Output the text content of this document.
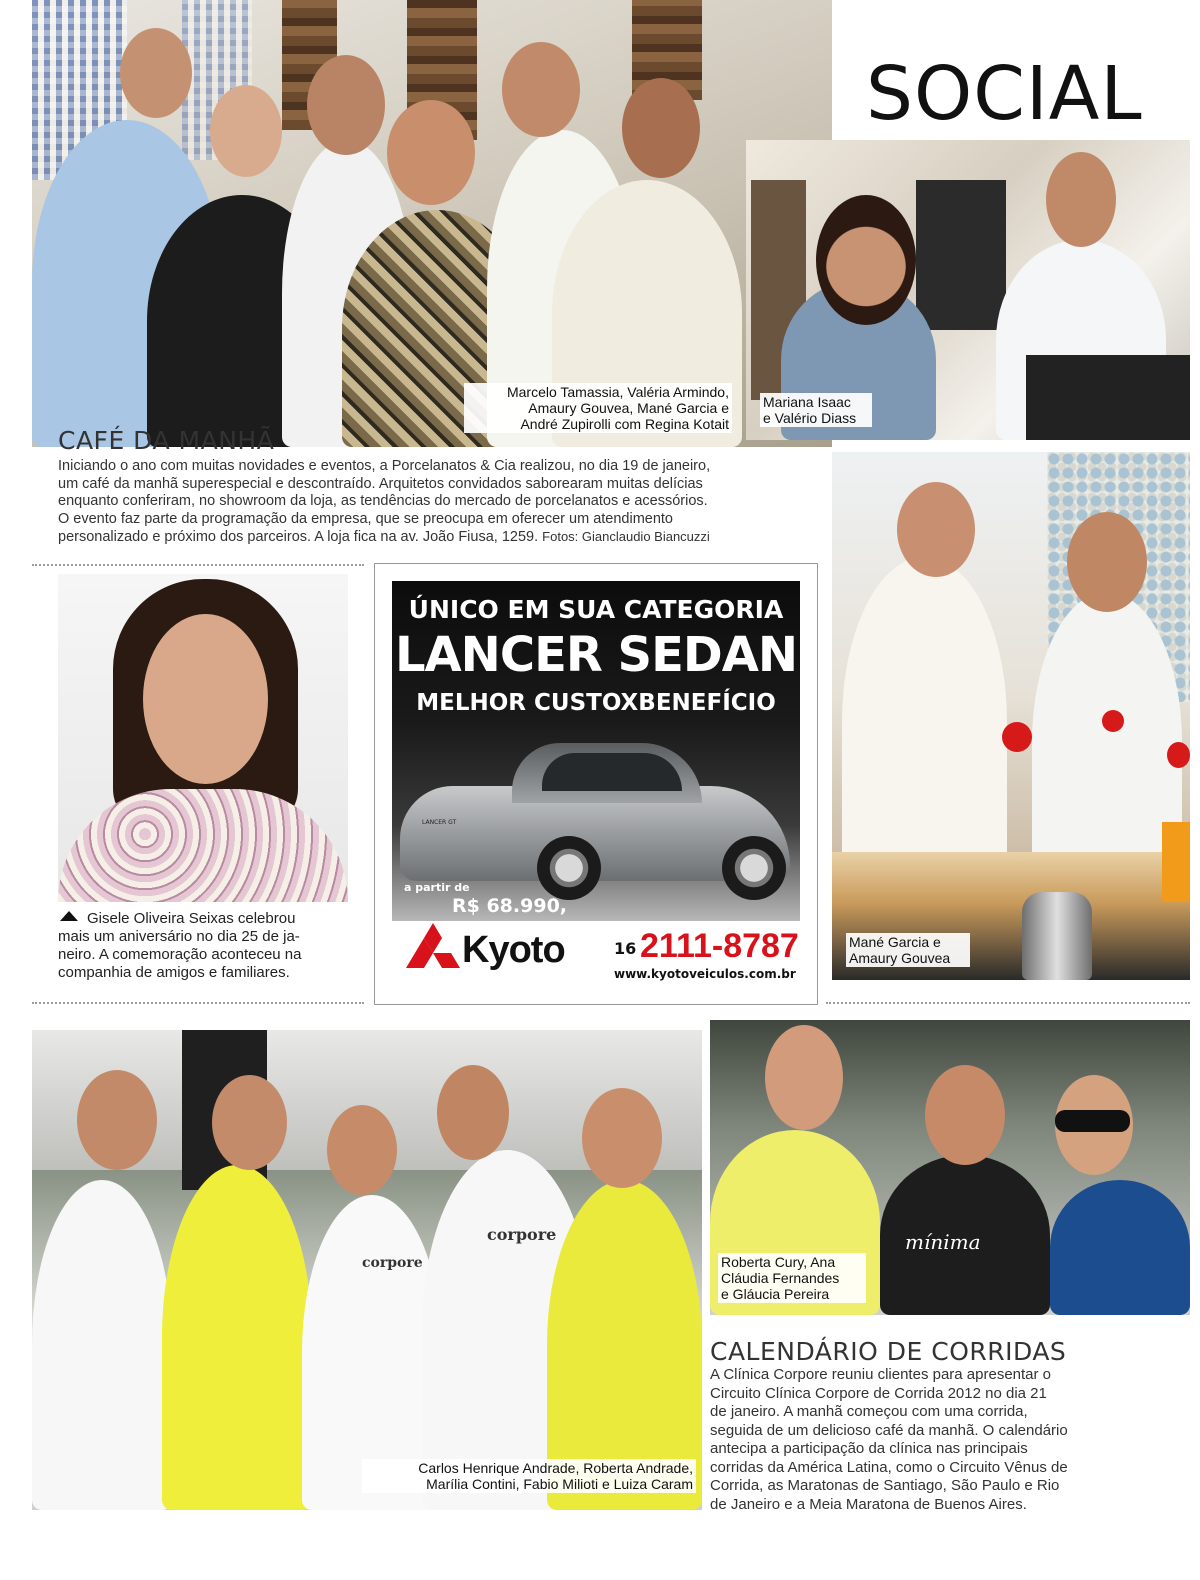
SOCIAL
Marcelo Tamassia, Valéria Armindo,
Amaury Gouvea, Mané Garcia e
André Zupirolli com Regina Kotait
Mariana Isaac
e Valério Diass
CAFÉ DA MANHÃ
Iniciando o ano com muitas novidades e eventos, a Porcelanatos & Cia realizou, no dia 19 de janeiro,
um café da manhã superespecial e descontraído. Arquitetos convidados saborearam muitas delícias
enquanto conferiram, no showroom da loja, as tendências do mercado de porcelanatos e acessórios.
O evento faz parte da programação da empresa, que se preocupa em oferecer um atendimento
personalizado e próximo dos parceiros. A loja fica na av. João Fiusa, 1259. Fotos: Gianclaudio Biancuzzi
Mané Garcia e
Amaury Gouvea
Gisele Oliveira Seixas celebrou
mais um aniversário no dia 25 de ja-
neiro. A comemoração aconteceu na
companhia de amigos e familiares.
ÚNICO EM SUA CATEGORIA
LANCER SEDAN
MELHOR CUSTOXBENEFÍCIO
LANCER GT
a partir de
R$ 68.990,
Kyoto	16 2111-8787
www.kyotoveiculos.com.br
corpore
corpore
Carlos Henrique Andrade, Roberta Andrade,
Marília Contini, Fabio Milioti e Luiza Caram
mínima
Roberta Cury, Ana
Cláudia Fernandes
e Gláucia Pereira
CALENDÁRIO DE CORRIDAS
A Clínica Corpore reuniu clientes para apresentar o
Circuito Clínica Corpore de Corrida 2012 no dia 21
de janeiro. A manhã começou com uma corrida,
seguida de um delicioso café da manhã. O calendário
antecipa a participação da clínica nas principais
corridas da América Latina, como o Circuito Vênus de
Corrida, as Maratonas de Santiago, São Paulo e Rio
de Janeiro e a Meia Maratona de Buenos Aires.
